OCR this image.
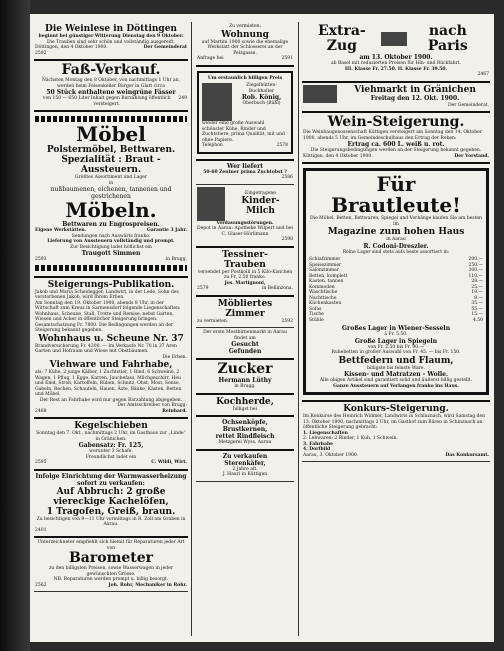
Die Weinlese in Döttingen
beginnt bei günstiger Witterung Dienstag den 9 Oktober.
Die Trauben sind sehr schön und vollständig ausgereift.
Döttingen, den 4 Oktober 1900.	Der Gemeinderat
2592
Faß-Verkauf.
Nächsten Montag den 8 Oktober, von nachmittags 1 Uhr an, werden beim Felsenkeller Bürger in Glatt circa
50 Stück enthaltene weingrüne Fässer
von 150 — 650 Liter Inhalt gegen Barzahlung öffentlich versteigert.
249
Möbel
Polstermöbel, Bettwaren.
Spezialität : Braut - Aussteuern.
Größtes Assortiment und Lager
in
nußbaumenen, eichenen, tannenen und gestrichenen
Möbeln.
Bettwaren zu Engrospreisen.
Eigene Werkstätten.	Garantie 3 Jahr.
Sendungen nach Auswärts franko.
Lieferung von Aussteuern vollständig und prompt.
Zur Besichtigung ladet höflichst ein
Traugott Simmen
2593	in Brugg.
Steigerungs-Publikation.
Jakob und Maria Scheidegger, Landwirt, in der Lede, Sohn des verstorbenen Jakob, wird Ihrem Erben
Am Sonntag den 19. Oktober 1900, abends 8 Uhr, in der Wirtschaft zum Kreuz in Sarmensdorf folgende Liegenschaften: Wohnhaus, Scheune, Stall, Trotte und Remise, nebst Garten, Wiesen und Acker in öffentlicher Steigerung bringen.
Gesamtschatzung Fr. 7800. Die Bedingungen werden an der Steigerung bekannt gegeben.
Wohnhaus u. Scheune Nr. 37
Brandversicherung Fr. 4200. — Im Verkaufe Nr. 70 in 37 Aren Garten und Hofraum und Wiese mit Obstbäumen.
Die Erben.
Viehware und Fahrhabe,
als: 7 Kühe, 2 junge Kälber, 1 Zuchtstier, 1 Rind, 6 Schweine, 2 Wagen, 1 Pflug, 1 Egge, Karren, Jauchefass, Milchgeschirr, Heu und Emd, Stroh, Kartoffeln, Rüben, Schnitz, Obst, Most, Sense, Gabeln, Rechen, Schaufeln, Hauen, Äxte, Bänke, Kästen, Betten und Möbel.
Der Rest an Fahrhabe wird nur gegen Barzahlung abgegeben.
Der Amtsschreiber von Brugg:
2468	Reinhard.
Kegelschieben
Sonntag den 7. Okt., nachmittags 2 Uhr, im Gasthaus zur „Linde“ in Gränichen.
Gabensatz: Fr. 125,
worunter 3 Schafe.
Freundlichst ladet ein
2595	C. Wildi, Wirt.
Infolge Einrichtung der Warmwasserheizung
sofort zu verkaufen:
Auf Abbruch: 2 große viereckige Kachelöfen,
1 Tragofen, Greiß, braun.
Zu besichtigen von 9—11 Uhr vormittags in R. Zoll am Graben in Aarau.
2401
Unterzeichneter empfiehlt sich hiemit für Reparaturen jeder Art von
Barometer
zu den billigsten Preisen, sowie Wasserwagen in jeder gewünschten Grösse.
NB. Reparaturen werden prompt u. billig besorgt.
2562	Joh. Rohr, Mechaniker in Rohr.
Zu vermieten:
Wohnung
auf Martini 1900 sowie die ehemalige Werkstatt der Schlosserei an der Pelzgasse.
Anfrage bei	2591
Um erstaunlich billigen Preis
Ziegelhütten-Buchhalter
Rob. König,
Oberbuch (Bühl)
wieder eine große Auswahl schönster Kühe, Rinder und Zuchtstiere, prima Qualität, mit und ohne Papiere.
Telephon	2578
Wer liefert
50-60 Zentner prima Zuchtobst ?
2586
Eingetragene
Kinder-
Milch
Verdauungsstörungen.
Depot in Aarau: Apotheke Wilpert und bei C. Glaser-Hörlimann
2598
Tessiner-
Trauben
versendet per Postkolli in 5 Kilo-Kistchen zu Fr. 2.50 franko.
Jos. Martignoni,
2579	in Bellinzona.
Möbliertes
Zimmer
zu vermieten.	2592
Der erste Mostbirnenmarkt in Aarau findet am
Gesucht
Gefunden
Zucker
Hermann Lüthy
in Brugg.
Kochherde,
billigst bei
Ochsenköpfe,
Brustkernen,
rettet Rindfleisch
Metzgerei Wyss, Aarau
Zu verkaufen
Sterenkäfer,
2 Jahre alt.
J. Hauri in Küttigen
Extra-Zug
nach Paris
am 13. Oktober 1900.
ab Basel mit reduzierten Preisen für Hin- und Rückfahrt.
III. Klasse Fr. 27.50. II. Klasse Fr. 39.50.
2467
Viehmarkt in Gränichen
Freitag den 12. Okt. 1900.
Der Gemeinderat.
Wein-Steigerung.
Die Weinbaugenossenschaft Küttigen versteigert am Sonntag den 14. Oktober 1900, abends 5 Uhr, im Gemeindeschulhaus den Ertrag der Reben:
Ertrag ca. 600 L. weiß u. rot.
Die Steigerungsbedingungen werden an der Steigerung bekannt gegeben.
Küttigen, den 4 Oktober 1900.	Der Vorstand.
Für Brautleute!
Die Möbel, Betten, Bettwaren, Spiegel und Vorhänge kaufen Sie am besten im
Magazine zum hohen Haus
in Aarau
R. Codoni-Dreszler.
Reine Lager sind stets aufs beste assortiert in:
Schlafzimmer	200.—
Speisezimmer	250.—
Salonzimmer	300.—
Betten, komplett	110.—
Kasten, tannen	28.—
Kommoden	25.—
Waschtische	19.—
Nachttische	9.—
Küchenkasten	35.—
Sofas	55.—
Tische	15.—
Stühle	4.50
Großes Lager in Wiener-Sesseln
à Fr. 5.50.
Große Lager in Spiegeln
von Fr. 2.50 bis Fr. 90.—
Ruhebetten in großer Auswahl von Fr. 45. — bis Fr. 150.
Bettfedern und Flaum,
billigste bis feinste Ware.
Kissen- und Matratzen - Wolle.
Alle obigen Artikel sind garantiert solid und äußerst billig gestellt.
Ganze Aussteuern auf Verlangen franko ins Haus.
Konkurs-Steigerung.
Im Konkurse des Heinrich Widmer, Landwirts in Schinznach, wird Samstag den 13. Oktober 1900, nachmittags 2 Uhr, im Gasthof zum Bären in Schinznach an öffentliche Steigerung gebracht:
1. Liegenschaften
2. Lebwaren: 2 Rinder, 1 Kuh, 1 Schwein.
3. Fahrhabe
4. Dorfbild
Aarau, 3. Oktober 1900.	Das Konkursamt.
